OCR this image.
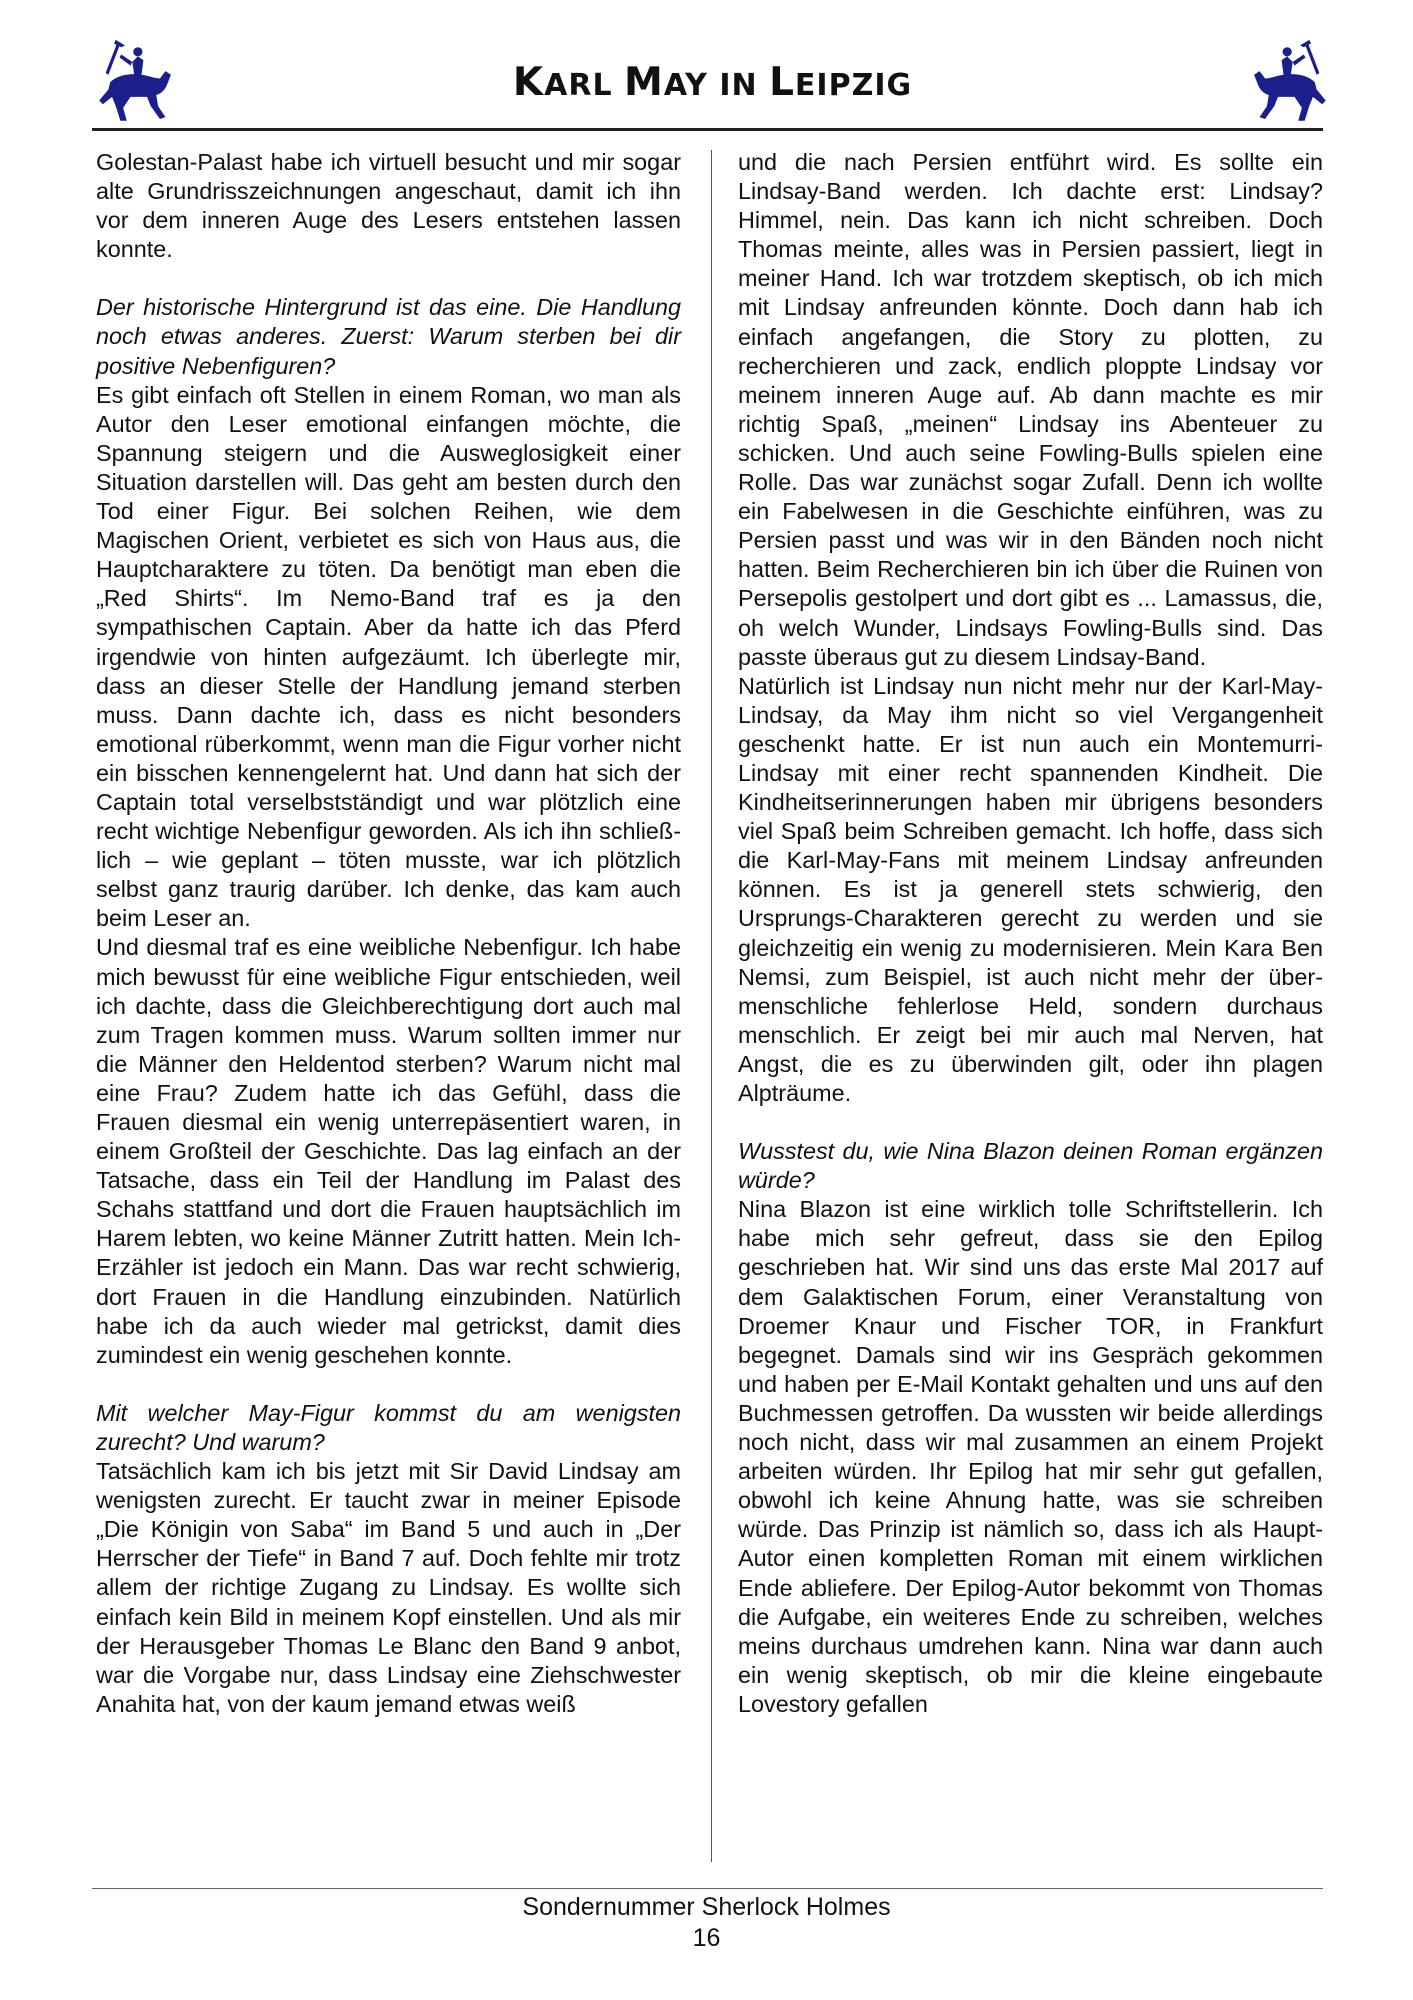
KARL MAY IN LEIPZIG

Golestan-Palast habe ich virtuell besucht und mir sogar alte Grundrisszeichnungen angeschaut, damit ich ihn vor dem inneren Auge des Lesers entstehen lassen konnte.

Der historische Hintergrund ist das eine. Die Handlung noch etwas anderes. Zuerst: Warum sterben bei dir positive Nebenfiguren?

Es gibt einfach oft Stellen in einem Roman, wo man als Autor den Leser emotional einfangen möchte, die Spannung steigern und die Ausweglosigkeit einer Situation darstellen will. Das geht am besten durch den Tod einer Figur. Bei solchen Reihen, wie dem Magischen Orient, verbietet es sich von Haus aus, die Hauptcharaktere zu töten. Da benötigt man eben die „Red Shirts“. Im Nemo-Band traf es ja den sympathischen Captain. Aber da hatte ich das Pferd irgendwie von hinten aufgezäumt. Ich überlegte mir, dass an dieser Stelle der Handlung jemand sterben muss. Dann dachte ich, dass es nicht besonders emotional rüberkommt, wenn man die Figur vorher nicht ein bisschen kennengelernt hat. Und dann hat sich der Captain total verselbstständigt und war plötzlich eine recht wichtige Nebenfigur geworden. Als ich ihn schließlich – wie geplant – töten musste, war ich plötzlich selbst ganz traurig darüber. Ich denke, das kam auch beim Leser an.

Und diesmal traf es eine weibliche Nebenfigur. Ich habe mich bewusst für eine weibliche Figur entschieden, weil ich dachte, dass die Gleichberechtigung dort auch mal zum Tragen kommen muss. Warum sollten immer nur die Männer den Heldentod sterben? Warum nicht mal eine Frau? Zudem hatte ich das Gefühl, dass die Frauen diesmal ein wenig unterrepäsentiert waren, in einem Großteil der Geschichte. Das lag einfach an der Tatsache, dass ein Teil der Handlung im Palast des Schahs stattfand und dort die Frauen hauptsächlich im Harem lebten, wo keine Männer Zutritt hatten. Mein Ich-Erzähler ist jedoch ein Mann. Das war recht schwierig, dort Frauen in die Handlung einzubinden. Natürlich habe ich da auch wieder mal getrickst, damit dies zumindest ein wenig geschehen konnte.

Mit welcher May-Figur kommst du am wenigsten zurecht? Und warum?

Tatsächlich kam ich bis jetzt mit Sir David Lindsay am wenigsten zurecht. Er taucht zwar in meiner Episode „Die Königin von Saba“ im Band 5 und auch in „Der Herrscher der Tiefe“ in Band 7 auf. Doch fehlte mir trotz allem der richtige Zugang zu Lindsay. Es wollte sich einfach kein Bild in meinem Kopf einstellen. Und als mir der Herausgeber Thomas Le Blanc den Band 9 anbot, war die Vorgabe nur, dass Lindsay eine Ziehschwester Anahita hat, von der kaum jemand etwas weiß

und die nach Persien entführt wird. Es sollte ein Lindsay-Band werden. Ich dachte erst: Lindsay? Himmel, nein. Das kann ich nicht schreiben. Doch Thomas meinte, alles was in Persien passiert, liegt in meiner Hand. Ich war trotzdem skeptisch, ob ich mich mit Lindsay anfreunden könnte. Doch dann hab ich einfach angefangen, die Story zu plotten, zu recherchieren und zack, endlich ploppte Lindsay vor meinem inneren Auge auf. Ab dann machte es mir richtig Spaß, „meinen“ Lindsay ins Abenteuer zu schicken. Und auch seine Fowling-Bulls spielen eine Rolle. Das war zunächst sogar Zufall. Denn ich wollte ein Fabelwesen in die Geschichte einführen, was zu Persien passt und was wir in den Bänden noch nicht hatten. Beim Recherchieren bin ich über die Ruinen von Persepolis gestolpert und dort gibt es ... Lamassus, die, oh welch Wunder, Lindsays Fowling-Bulls sind. Das passte überaus gut zu diesem Lindsay-Band.

Natürlich ist Lindsay nun nicht mehr nur der Karl-May-Lindsay, da May ihm nicht so viel Vergangenheit geschenkt hatte. Er ist nun auch ein Montemurri-Lindsay mit einer recht spannenden Kindheit. Die Kindheitserinnerungen haben mir übrigens besonders viel Spaß beim Schreiben gemacht. Ich hoffe, dass sich die Karl-May-Fans mit meinem Lindsay anfreunden können. Es ist ja generell stets schwierig, den Ursprungs-Charakteren gerecht zu werden und sie gleichzeitig ein wenig zu modernisieren. Mein Kara Ben Nemsi, zum Beispiel, ist auch nicht mehr der übermenschliche fehlerlose Held, sondern durchaus menschlich. Er zeigt bei mir auch mal Nerven, hat Angst, die es zu überwinden gilt, oder ihn plagen Alpträume.

Wusstest du, wie Nina Blazon deinen Roman ergänzen würde?

Nina Blazon ist eine wirklich tolle Schriftstellerin. Ich habe mich sehr gefreut, dass sie den Epilog geschrieben hat. Wir sind uns das erste Mal 2017 auf dem Galaktischen Forum, einer Veranstaltung von Droemer Knaur und Fischer TOR, in Frankfurt begegnet. Damals sind wir ins Gespräch gekommen und haben per E-Mail Kontakt gehalten und uns auf den Buchmessen getroffen. Da wussten wir beide allerdings noch nicht, dass wir mal zusammen an einem Projekt arbeiten würden. Ihr Epilog hat mir sehr gut gefallen, obwohl ich keine Ahnung hatte, was sie schreiben würde. Das Prinzip ist nämlich so, dass ich als HauptAutor einen kompletten Roman mit einem wirklichen Ende abliefere. Der Epilog-Autor bekommt von Thomas die Aufgabe, ein weiteres Ende zu schreiben, welches meins durchaus umdrehen kann. Nina war dann auch ein wenig skeptisch, ob mir die kleine eingebaute Lovestory gefallen

Sondernummer Sherlock Holmes
16
